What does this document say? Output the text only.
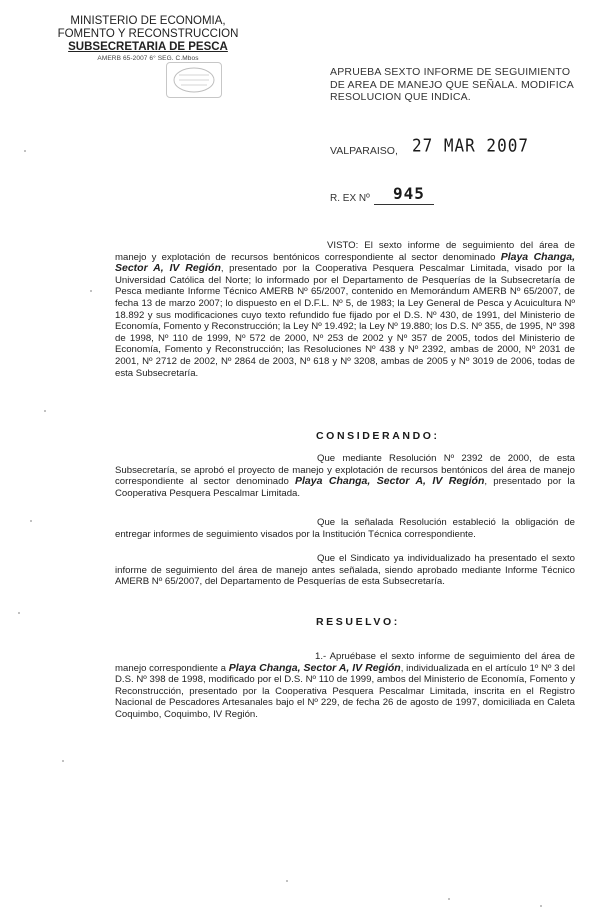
MINISTERIO DE ECONOMIA,
FOMENTO Y RECONSTRUCCION
SUBSECRETARIA DE PESCA
AMERB 65-2007 6° SEG. C.Mbos
APRUEBA SEXTO INFORME DE SEGUIMIENTO DE AREA DE MANEJO QUE SEÑALA. MODIFICA RESOLUCION QUE INDICA.
VALPARAISO, 27 MAR 2007
R. EX Nº 945
VISTO: El sexto informe de seguimiento del área de manejo y explotación de recursos bentónicos correspondiente al sector denominado Playa Changa, Sector A, IV Región, presentado por la Cooperativa Pesquera Pescalmar Limitada, visado por la Universidad Católica del Norte; lo informado por el Departamento de Pesquerías de la Subsecretaría de Pesca mediante Informe Técnico AMERB Nº 65/2007, contenido en Memorándum AMERB Nº 65/2007, de fecha 13 de marzo 2007; lo dispuesto en el D.F.L. Nº 5, de 1983; la Ley General de Pesca y Acuicultura Nº 18.892 y sus modificaciones cuyo texto refundido fue fijado por el D.S. Nº 430, de 1991, del Ministerio de Economía, Fomento y Reconstrucción; la Ley Nº 19.492; la Ley Nº 19.880; los D.S. Nº 355, de 1995, Nº 398 de 1998, Nº 110 de 1999, Nº 572 de 2000, Nº 253 de 2002 y Nº 357 de 2005, todos del Ministerio de Economía, Fomento y Reconstrucción; las Resoluciones Nº 438 y Nº 2392, ambas de 2000, Nº 2031 de 2001, Nº 2712 de 2002, Nº 2864 de 2003, Nº 618 y Nº 3208, ambas de 2005 y Nº 3019 de 2006, todas de esta Subsecretaría.
CONSIDERANDO:
Que mediante Resolución Nº 2392 de 2000, de esta Subsecretaría, se aprobó el proyecto de manejo y explotación de recursos bentónicos del área de manejo correspondiente al sector denominado Playa Changa, Sector A, IV Región, presentado por la Cooperativa Pesquera Pescalmar Limitada.
Que la señalada Resolución estableció la obligación de entregar informes de seguimiento visados por la Institución Técnica correspondiente.
Que el Sindicato ya individualizado ha presentado el sexto informe de seguimiento del área de manejo antes señalada, siendo aprobado mediante Informe Técnico AMERB Nº 65/2007, del Departamento de Pesquerías de esta Subsecretaría.
RESUELVO:
1.- Apruébase el sexto informe de seguimiento del área de manejo correspondiente a Playa Changa, Sector A, IV Región, individualizada en el artículo 1º Nº 3 del D.S. Nº 398 de 1998, modificado por el D.S. Nº 110 de 1999, ambos del Ministerio de Economía, Fomento y Reconstrucción, presentado por la Cooperativa Pesquera Pescalmar Limitada, inscrita en el Registro Nacional de Pescadores Artesanales bajo el Nº 229, de fecha 26 de agosto de 1997, domiciliada en Caleta Coquimbo, Coquimbo, IV Región.
